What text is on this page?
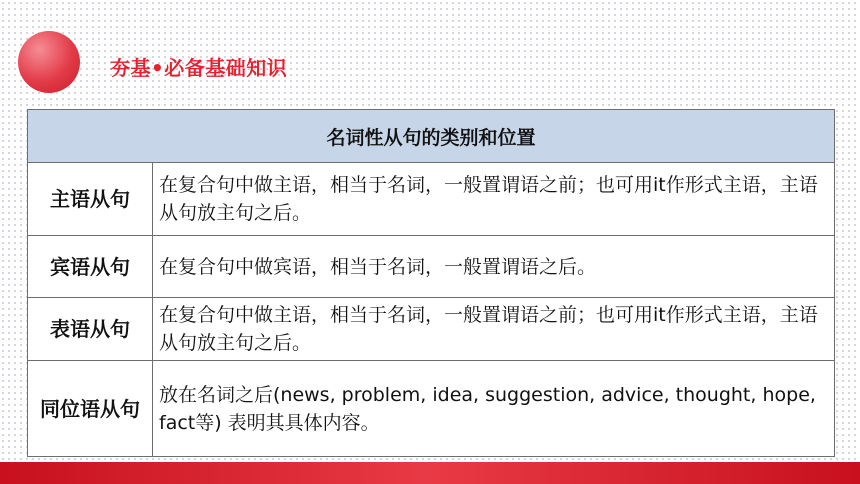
夯基•必备基础知识
名词性从句的类别和位置	
主语从句	在复合句中做主语，相当于名词，一般置谓语之前；也可用it作形式主语，主语从句放主句之后。
宾语从句	在复合句中做宾语，相当于名词，一般置谓语之后。
表语从句	在复合句中做主语，相当于名词，一般置谓语之前；也可用it作形式主语，主语从句放主句之后。
同位语从句	放在名词之后(news, problem, idea, suggestion, advice, thought, hope, fact等) 表明其具体内容。
